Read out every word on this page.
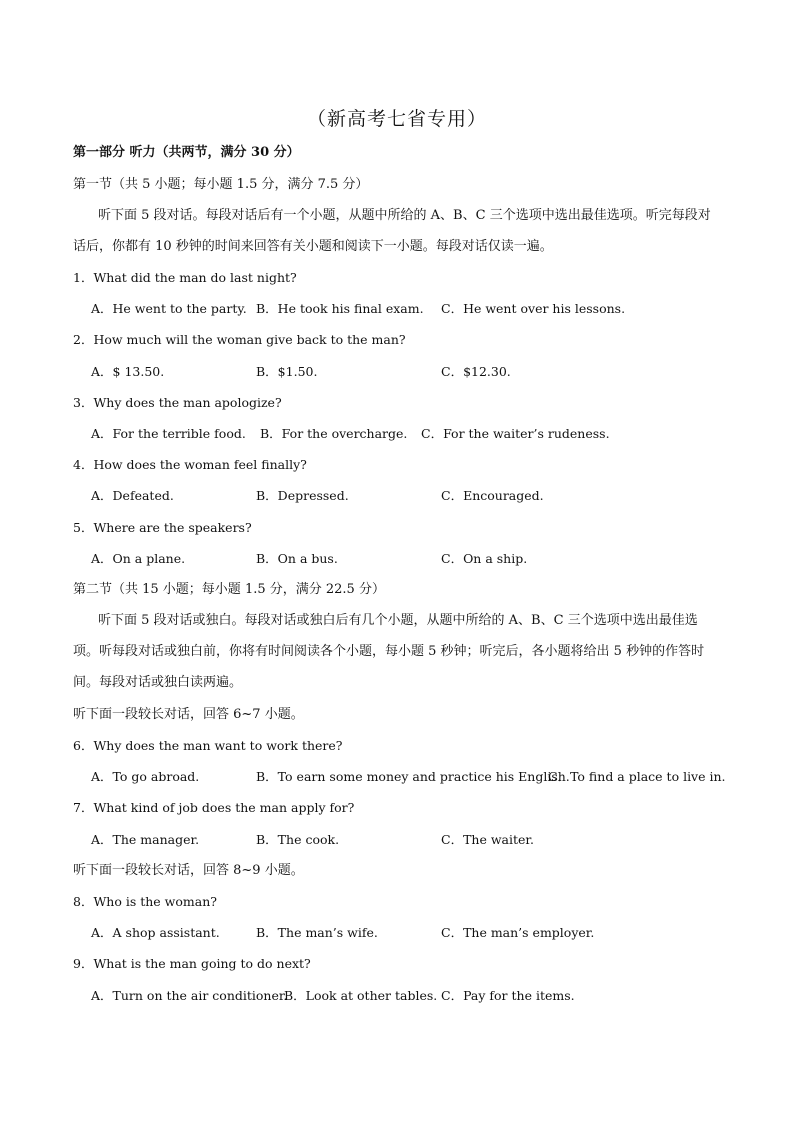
（新高考七省专用）
第一部分 听力（共两节，满分 30 分）
第一节（共 5 小题；每小题 1.5 分，满分 7.5 分）
听下面 5 段对话。每段对话后有一个小题，从题中所给的 A、B、C 三个选项中选出最佳选项。听完每段对话后，你都有 10 秒钟的时间来回答有关小题和阅读下一小题。每段对话仅读一遍。
1．What did the man do last night?
A．He went to the party. B．He took his final exam. C．He went over his lessons.
2．How much will the woman give back to the man?
A．$ 13.50.	B．$1.50.	C．$12.30.
3．Why does the man apologize?
A．For the terrible food. B．For the overcharge. C．For the waiter’s rudeness.
4．How does the woman feel finally?
A．Defeated.	B．Depressed.	C．Encouraged.
5．Where are the speakers?
A．On a plane.	B．On a bus.	C．On a ship.
第二节（共 15 小题；每小题 1.5 分，满分 22.5 分）
听下面 5 段对话或独白。每段对话或独白后有几个小题，从题中所给的 A、B、C 三个选项中选出最佳选项。听每段对话或独白前，你将有时间阅读各个小题，每小题 5 秒钟；听完后，各小题将给出 5 秒钟的作答时间。每段对话或独白读两遍。
听下面一段较长对话，回答 6~7 小题。
6．Why does the man want to work there?
A．To go abroad.	B．To earn some money and practice his English.
C．To find a place to live in.
7．What kind of job does the man apply for?
A．The manager.	B．The cook.	C．The waiter.
听下面一段较长对话，回答 8~9 小题。
8．Who is the woman?
A．A shop assistant.	B．The man’s wife.	C．The man’s employer.
9．What is the man going to do next?
A．Turn on the air conditioner.
B．Look at other tables. C．Pay for the items.
